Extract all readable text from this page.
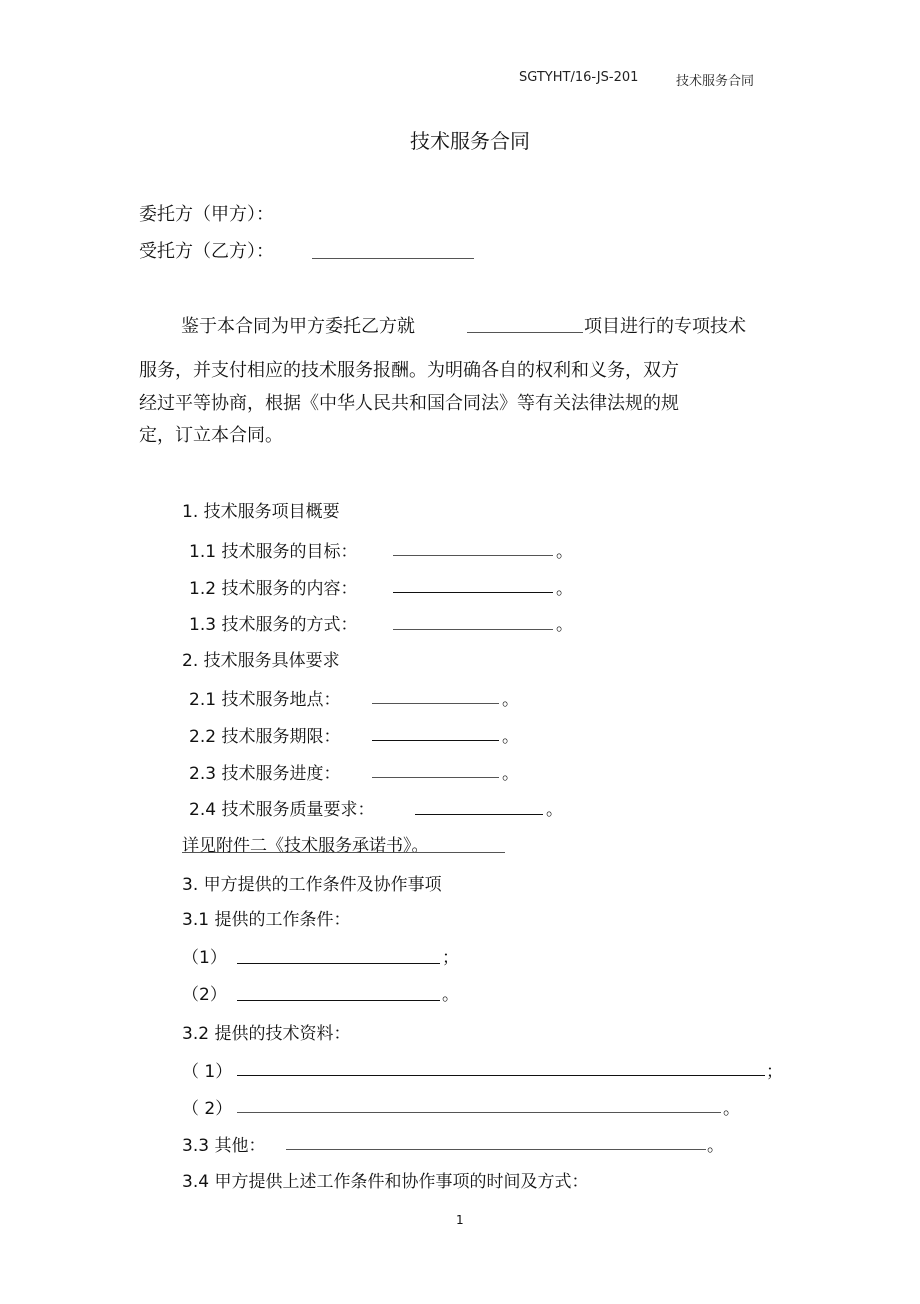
SGTYHT/16-JS-201	技术服务合同
技术服务合同
委托方（甲方）：
受托方（乙方）：
鉴于本合同为甲方委托乙方就	项目进行的专项技术
服务，并支付相应的技术服务报酬。为明确各自的权利和义务，双方
经过平等协商，根据《中华人民共和国合同法》等有关法律法规的规
定，订立本合同。
1. 技术服务项目概要
1.1 技术服务的目标：	。
1.2 技术服务的内容：	。
1.3 技术服务的方式：	。
2. 技术服务具体要求
2.1 技术服务地点：	。
2.2 技术服务期限：	。
2.3 技术服务进度：	。
2.4 技术服务质量要求：	。
详见附件二《技术服务承诺书》。
3. 甲方提供的工作条件及协作事项
3.1 提供的工作条件：
（1）	；
（2）	。
3.2 提供的技术资料：
（ 1）	；
（ 2）	。
3.3 其他：	。
3.4 甲方提供上述工作条件和协作事项的时间及方式：
1
